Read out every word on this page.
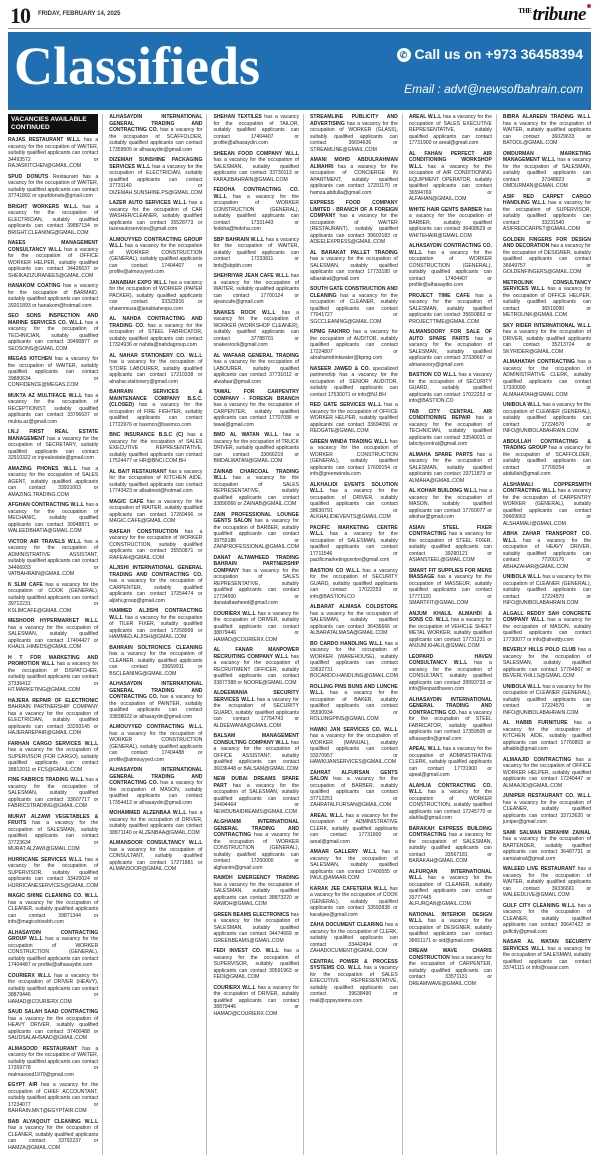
10 FRIDAY, FEBRUARY 14, 2025	$^{THE}$tribune
Classifieds	✆ Call us on +973 36458394
Email : advt@newsofbahrain.com
VACANCIES AVAILABLE CONTINUED
RAJAS RESTAURANT W.L.L has a vacancy for the occupation of WAITER, suitably qualified applicants can contact 34493572 or RAJASKITCHEN@GMAIL.COM
SPUD DONUTS Restaurant has a vacancy for the occupation of WAITER, suitably qualified applicants can contact 37741892 or spuddonuts@gmail.com
BRIGHT WORKERS W.L.L has a vacancy for the occupation of ELECTRICIAN, suitably qualified applicants can contact 39887134 or BRIGHT.CLEANING@GMAIL.COM
NAEES MANAGEMENT CONSULTANCY W.L.L has a vacancy for the occupation of OFFICE WORKER HELPER, suitably qualified applicants can contact 34426637 or SHEIKAZIZURANEES@GMAIL.COM
HANAKOM COATING has a vacancy for the occupation of BARMAID, suitably qualified applicants can contact 39201893 or hanakom@hotmail.com
SEO SONS INSPECTION AND MARINE SERVICES CO. W.L.L has a vacancy for the occupation of TECHNICIAN, suitably qualified applicants can contact 39490877 or SEOSONS@GMAIL.COM
MEGAS KITCHEN has a vacancy for the occupation of WAITER, suitably qualified applicants can contact 39880634 or CONFIDENCE@MEGAS.COM
MUKTA AZ MULTIFACE W.L.L has a vacancy for the occupation of RECEPTIONIST, suitably qualified applicants can contact 33796637 or mukta.az@gmail.com
I.N.J FIRST REAL ESTATE MANAGEMENT has a vacancy for the occupation of SECRETARY, suitably qualified applicants can contact 32910322 or injrealestate@gmail.com
AMAZING PHONES W.L.L has a vacancy for the occupation of SALES AGENT, suitably qualified applicants can contact 33921003 or AMAZING.TRADING.COM
AFGHAN CONTRACTING W.L.L has a vacancy for the occupation of MECHANIC, suitably qualified applicants can contact 39948871 or WALEEDBHATIA@GMAIL.COM
VICTOR AIR TRAVELS W.L.L has a vacancy for the occupation of ADMINISTRATIVE ASSISTANT, suitably qualified applicants can contact 34466933 or VATBAHRAIN@GMAIL.COM
K SLIM CAFE has a vacancy for the occupation of COOK (GENERAL), suitably qualified applicants can contact 39712231 or KSLIMCAFE@GMAIL.COM
MESHOOR HYPERMARKET W.L.L has a vacancy for the occupation of SALESMAN, suitably qualified applicants can contact 17404427 or KHALIL.HIMEDS@GMAIL.COM
H T FOR MARKETING AND PROMOTION W.L.L has a vacancy for the occupation of DISPATCHER, suitably qualified applicants can contact 37336412 or HT.MARKETING@GMAIL.COM
HAJERA REPAIR OF ELECTRONIC BAHRAIN PARTNERSHIP COMPANY has a vacancy for the occupation of ELECTRICIAN, suitably qualified applicants can contact 33293145 or HAJERAREPAIR@GMAIL.COM
FARHAN CARGO SERVICES W.L.L has a vacancy for the occupation of SUPERVISOR (FOR CARGO), suitably qualified applicants can contact 38812011 or FCS@GMAIL.COM
FINE FABRICS TRADING W.L.L has a vacancy for the occupation of SALESMAN, suitably qualified applicants can contact 33607717 or FABRICSTRADING@GMAIL.COM
MURAT ALZAWI VEGETABLES & FRUITS has a vacancy for the occupation of SALESMAN, suitably qualified applicants can contact 37723634 or MURAT.ALZAWI@GMAIL.COM
HURRICANE SERVICES W.L.L has a vacancy for the occupation of SUPERVISOR, suitably qualified applicants can contact 33420024 or HURRICANESERVICES@GMAIL.COM
MAGIC SHINE CLEANING CO. W.L.L has a vacancy for the occupation of CLEANER, suitably qualified applicants can contact 39871344 or info@magicshinebh.com
ALHASAYDIN CONTRACTING GROUP W.L.L has a vacancy for the occupation of WORKER CONSTRUCTION (GENERAL), suitably qualified applicants can contact 17404487 or profile@alhasaydin.com
COURIERX W.L.L has a vacancy for the occupation of DRIVER (HEAVY), suitably qualified applicants can contact 38879446 or HAMAD@COURIERX.COM
SAUD SALAH SAAD CONTRACTING has a vacancy for the occupation of HEAVY DRIVER, suitably qualified applicants can contact 37400488 or SAUDSALAHSAAD@GMAIL.COM
ALMASOOD RESTAURANT has a vacancy for the occupation of WAITER, suitably qualified applicants can contact 17269778 or malmasood1979@gmail.com
EGYPT AIR has a vacancy for the occupation of CHIEF ACCOUNTANT, suitably qualified applicants can contact 17234077 or BAHRAIN.MKT@EGYPTAIR.COM
BAB ALYAQOUT CLEANING W.L.L has a vacancy for the occupation of CLEANER, suitably qualified applicants can contact 33792237 or HAMZA@GMAIL.COM
ALHASAYDIN INTERNATIONAL GENERAL TRADING AND CONTRACTING CO. has a vacancy for the occupation of SCAFFOLDER, suitably qualified applicants can contact 17359505 or alhasaydin@gmail.com
DIZEMAH SUNSHINE PACKAGING SERVICES W.L.L has a vacancy for the occupation of ELECTRICIAN, suitably qualified applicants can contact 37731140 or DIZEMAH.SUNSHINE.PS@GMAIL.COM
LAZER AUTO SERVICES W.L.L has a vacancy for the occupation of CAR WASHER/CLEANER, suitably qualified applicants can contact 35528773 or lazerautoservices@gmail.com
ALMOUYYED CONTRACTING GROUP W.L.L has a vacancy for the occupation of WORKER CONSTRUCTION (GENERAL), suitably qualified applicants can contact 17404407 or profile@almouyyed.com
JANABIAH EXPO W.L.L has a vacancy for the occupation of WORKER (PAPER PACKER), suitably qualified applicants can contact 33323916 or shawnmusa@janabiahexpo.com
AL NAHDA CONTRACTING AND TRADING CO. has a vacancy for the occupation of STEEL FABRICATOR, suitably qualified applicants can contact 17324936 or nahda@nahdagroup.com
AL NAHAR STATIONERY CO. W.L.L has a vacancy for the occupation of STORE LABOURER, suitably qualified applicants can contact 17210338 or alnahar.stationery@gmail.com
BAHRAIN SERVICES & MAINTENANCE COMPANY B.S.C. (CLOSED) has a vacancy for the occupation of FIRE FIGHTER, suitably qualified applicants can contact 17722976 or basmco@basmco.com
BNC INSURANCE B.S.C (C) has a vacancy for the occupation of SALES EXECUTIVE REPRESENTATIVE, suitably qualified applicants can contact 17524477 or HR@BNCI.COM.BH
AL BAIT RESTAURANT has a vacancy for the occupation of KITCHEN AIDE, suitably qualified applicants can contact 17743423 or albaitrest@hotmail.com
MAGIC CAFE has a vacancy for the occupation of WAITER, suitably qualified applicants can contact 17260496 or MAGIC.CAFE@GMAIL.COM
RAFEAH CONSTRUCTION has a vacancy for the occupation of WORKER CONSTRUCTION, suitably qualified applicants can contact 35550871 or RAFEAH@GMAIL.COM
ALJISHI INTERNATIONAL GENERAL TRADING AND CONTRACTING CO. has a vacancy for the occupation of CARPENTER, suitably qualified applicants can contact 17254474 or aljishi.group@gmail.com
HAMMED ALJISHI CONTRACTING W.L.L has a vacancy for the occupation of TILER FIXER, suitably qualified applicants can contact 17258999 or HAMMED.ALJISHI@GMAIL.COM
BAHRAIN SOLTRONICS CLEANING has a vacancy for the occupation of CLEANER, suitably qualified applicants can contact 33659911 or BSCLEANING@GMAIL.COM
ALHASAYDIN INTERNATIONAL GENERAL TRADING AND CONTRACTING CO. has a vacancy for the occupation of PAINTER, suitably qualified applicants can contact 33838022 or alhasaydin@gmail.com
ALMOUYYED CONTRACTING W.L.L has a vacancy for the occupation of WORKER CONSTRUCTION (GENERAL), suitably qualified applicants can contact 17404488 or profile@almouyyed.com
ALHASAYDIN INTERNATIONAL GENERAL TRADING AND CONTRACTING CO. has a vacancy for the occupation of MASON, suitably qualified applicants can contact 17354412 or alhasaydin@gmail.com
MOHAMMED ALZENBAA W.L.L has a vacancy for the occupation of DRIVER, suitably qualified applicants can contact 38871140 or ALZENBAA@GMAIL.COM
ALMANSOOR CONSULTANCY W.L.L has a vacancy for the occupation of CONSULTANT, suitably qualified applicants can contact 17271881 or ALMANSOOR@GMAIL.COM
SHEHAN TEXTILES has a vacancy for the occupation of TAILOR, suitably qualified applicants can contact 17404407 or profile@alhasaydin.com
SHEEAN FOOD COMPANY W.L.L has a vacancy for the occupation of SALESMAN, suitably qualified applicants can contact 33730113 or FARAJIBAHRAIN@GMAIL.COM
FEDOHA CONTRACTING CO. W.L.L has a vacancy for the occupation of WORKER CONSTRUCTION (GENERAL), suitably qualified applicants can contact 17331443 or fedoha@fedoha.com
SBP BAHRAIN W.L.L has a vacancy for the occupation of WAITER, suitably qualified applicants can contact 17233811 or bnb@sbpbh.com
SHEHRIYAR JEAN CAFE W.L.L has a vacancy for the occupation of WAITER, suitably qualified applicants can contact 17700124 or sjeancafe@gmail.com
SNAKES ROCK W.L.L has a vacancy for the occupation of WORKER (WORKSHOP CLEANER), suitably qualified applicants can contact 37788701 or snakesrock@gmail.com
AL WAFAAR GENERAL TRADING has a vacancy for the occupation of LABOURER, suitably qualified applicants can contact 37731012 or alwafaar@gmail.com
TAWAL FOR CARPENTRY COMPANY - FOREIGN BRANCH has a vacancy for the occupation of CARPENTER, suitably qualified applicants can contact 17707086 or tawal@gmail.com
BMD AL WATAN W.L.L has a vacancy for the occupation of TRUCK DRIVER, suitably qualified applicants can contact 33066219 or BMDALWATAN@GMAIL.COM
ZAINAB CHARCOAL TRADING W.L.L has a vacancy for the occupation of SALES REPRESENTATIVE, suitably qualified applicants can contact 33890066 or ZAINAB@GMAIL.COM
ZAIN PROFESSIONAL LOUNGE GENTS SALON has a vacancy for the occupation of BARBER, suitably qualified applicants can contact 39755186 or ZAINPROFESSIONAL@GMAIL.COM
DANAT ALTAWHEED TRADING BAHRAIN PARTNERSHIP COMPANY has a vacancy for the occupation of SALES REPRESENTATIVE, suitably qualified applicants can contact 17734500 or danataltawheed@gmail.com
COURIERX W.L.L has a vacancy for the occupation of DRIVER, suitably qualified applicants can contact 38879446 or HAMAD@COURIERX.COM
AL FANAR MANPOWER RECRUITING COMPANY W.L.L has a vacancy for the occupation of RECRUITMENT OFFICER, suitably qualified applicants can contact 33877388 or NOORE@GMAIL.COM
ALDEEWANIA SECURITY SERVICES W.L.L has a vacancy for the occupation of SECURITY GUARD, suitably qualified applicants can contact 17754743 or ALDEEWANIA@GMAIL.COM
BALSAM MANAGEMENT CONSULTING COMPANY W.L.L has a vacancy for the occupation of OFFICE ASSISTANT, suitably qualified applicants can contact 36036448 or BALSAM@GMAIL.COM
NEW DUBAI DREAMS SPARE PART has a vacancy for the occupation of SALESMAN, suitably qualified applicants can contact 34494464 or NEWDUBAIDREAMS@GMAIL.COM
ALGHANIM INTERNATIONAL GENERAL TRADING AND CONTRACTING has a vacancy for the occupation of WORKER CONSTRUCTION (GENERAL), suitably qualified applicants can contact 17250000 or alghanim@gmail.com
RAWDH EMERGENCY TRADING has a vacancy for the occupation of SALESMAN, suitably qualified applicants can contact 38873220 or RAWDH@GMAIL.COM
GREEN BEAMS ELECTRONICS has a vacancy for the occupation of SALESMAN, suitably qualified applicants can contact 34474669 or GREENBEAMS@GMAIL.COM
FEDI INVEST CO. W.L.L has a vacancy for the occupation of SUPERVISOR, suitably qualified applicants can contact 39591963 or FEDI@GMAIL.COM
COURIERX W.L.L has a vacancy for the occupation of DRIVER, suitably qualified applicants can contact 38879446 or HAMAD@COURIERX.COM
STREAMLINE PUBLICITY AND ADVERTISING has a vacancy for the occupation of WORKER (GLASS), suitably qualified applicants can contact 36694636 or STREAMLINE@GMAIL.COM
AMANI MOHD ABDULRAHMAN ALMAHRI has a vacancy for the occupation of CONCIERGE IN APARTMENT, suitably qualified applicants can contact 17291170 or hamza.abdulla@gmail.com
EXPRESS FOOD COMPANY LIMITED - BRANCH OF A FOREIGN COMPANY has a vacancy for the occupation of WAITER (RESTAURANT), suitably qualified applicants can contact 39603183 or ADEELEXPRESS@GMAIL.COM
AL BARAKAT PALLET TRADING has a vacancy for the occupation of SALESMAN, suitably qualified applicants can contact 17733180 or albarakat@gmail.com
SOUTH GATE CONSTRUCTION AND CLEANING has a vacancy for the occupation of CLEANER, suitably qualified applicants can contact 77041727 or SGCCLEANING@GMAIL.COM
KPMG FAKHRO has a vacancy for the occupation of AUDITOR, suitably qualified applicants can contact 17224807 or abrahamdrinkwater@kpmg.com
NASEER JAWED & CO. specialized partnership has a vacancy for the occupation of SENIOR AUDITOR, suitably qualified applicants can contact 17530071 or info@NJ.BH
RED GATE SERVICES W.L.L has a vacancy for the occupation of OFFICE WORKER HELPER, suitably qualified applicants can contact 33694056 or REDGATE@GMAIL.COM
GREEN WINDA TRADING W.L.L has a vacancy for the occupation of WORKER CONSTRUCTION (GENERAL), suitably qualified applicants can contact 17600154 or info@greenwinda.com
ALKHALIDI EVENTS SOLUTION W.L.L has a vacancy for the occupation of DRIVER, suitably qualified applicants can contact 38630791 or ALKHALIDIEVENTS@GMAIL.COM
PACIFIC MARKETING CENTRE W.L.L has a vacancy for the occupation of SALESMAN, suitably qualified applicants can contact 17711546 or pacificmarketingcentre@gmail.com
BASTION CO W.L.L has a vacancy for the occupation of SECURITY GUARD, suitably qualified applicants can contact 17022253 or info@BASTION.CO
ALBARAT ALMASA COLDSTORE has a vacancy for the occupation of SALESMAN, suitably qualified applicants can contact 36436666 or ALBARATALMASA@GMAIL.COM
BO CARDO HANDLING W.L.L has a vacancy for the occupation of WORKER (WAREHOUSE), suitably qualified applicants can contact 33632731 or BOCARDO.HANDLING@GMAIL.COM
ROLLING PINS BUNS AND LUNCHE W.L.L has a vacancy for the occupation of BAKER, suitably qualified applicants can contact 35590934 or ROLLINGPINS@GMAIL.COM
HAWKI JAN SERVICES CO. W.L.L has a vacancy for the occupation of WORKER (MANUAL), suitably qualified applicants can contact 33370957 or HAWKIJANSERVICES@GMAIL.COM
ZAHRAT ALFURSAN GENTS SALON has a vacancy for the occupation of BARBER, suitably qualified applicants can contact 37712251 or ZAHRATALFURSAN@GMAIL.COM
AREAL W.L.L has a vacancy for the occupation of ADMINISTRATIVE CLERK, suitably qualified applicants can contact 17731900 or areal@gmail.com
AMAAR GALLERY W.L.L has a vacancy for the occupation of SALESMAN, suitably qualified applicants can contact 17400555 or PAUL@AMAAR.COM
KARAK JEE CAFETERIA W.L.L has a vacancy for the occupation of COOK (GENERAL), suitably qualified applicants can contact 33592838 or karakjee@gmail.com
ZAHA DOCUMENT CLEARING has a vacancy for the occupation of CLERK, suitably qualified applicants can contact 33442494 or ZAHADOCUMENT@GMAIL.COM
CENTRAL POWER & PROCESS SYSTEMS CO. W.L.L has a vacancy for the occupation of SALES EXECUTIVE REPRESENTATIVE, suitably qualified applicants can contact 39638490 or mail@cppsystems.com
AREAL W.L.L has a vacancy for the occupation of SALES EXECUTIVE REPRESENTATIVE, suitably qualified applicants can contact 17731900 or areal@gmail.com
AL FAHAN PERFECT AIR CONDITIONING WORKSHOP W.L.L has a vacancy for the occupation of AIR CONDITIONING EQUIPMENT OPERATOR, suitably qualified applicants can contact 36594769 or ALFAHAN@GMAIL.COM
WHITE HAIR GENTS BARBER has a vacancy for the occupation of BARBER, suitably qualified applicants can contact 36408629 or WHITEHAIR@GMAIL.COM
ALHASAYDIN CONTRACTING CO. W.L.L has a vacancy for the occupation of WORKER CONSTRUCTION (GENERAL), suitably qualified applicants can contact 17404407 or profile@alhasaydin.com
PROJECT TIME CAFE has a vacancy for the occupation of SALESMAN, suitably qualified applicants can contact 35650862 or PROJECTTIME@GMAIL.COM
ALMANSOORY FOR SALE OF AUTO SPARE PARTS has a vacancy for the occupation of SALESMAN, suitably qualified applicants can contact 37338667 or almansoory@gmail.com
BASTION CO W.L.L has a vacancy for the occupation of SECURITY GUARD, suitably qualified applicants can contact 17022253 or info@BASTION.CO
TAB CITY CENTRAL AIR CONDITIONING REPAIR has a vacancy for the occupation of TECHNICIAN, suitably qualified applicants can contact 33540031 or tabcitycentral@gmail.com
ALMAHA SPARE PARTS has a vacancy for the occupation of SALESMAN, suitably qualified applicants can contact 33711873 or ALMAHA@GMAIL.COM
AL KOHAR BUILDING W.L.L has a vacancy for the occupation of MASON, suitably qualified applicants can contact 17760077 or alkohar@gmail.com
ASIAN STEEL FIXER CONTRACTING has a vacancy for the occupation of STEEL FIXER, suitably qualified applicants can contact 39290121 or ASIANSTEEL@GMAIL.COM
SMART FIT SUPPLIES FOR MENS MASSAGE has a vacancy for the occupation of MASSEUR, suitably qualified applicants can contact 17771120 or SMARTFIT@GMAIL.COM
ANJUM KHALIL ALMAHDI & SONS CO. W.L.L has a vacancy for the occupation of VEHICLE SHEET METAL WORKER, suitably qualified applicants can contact 17731231 or ANJUM.KHALIL@GMAIL.COM
LEOPARD HAVEN CONSULTANCY W.L.L has a vacancy for the occupation of CONSULTANT, suitably qualified applicants can contact 39993733 or info@leopardhaven.com
ALHASAYDIN INTERNATIONAL GENERAL TRADING AND CONTRACTING CO. has a vacancy for the occupation of STEEL FABRICATOR, suitably qualified applicants can contact 17359505 or alhasaydin@gmail.com
APEAL W.L.L has a vacancy for the occupation of ADMINISTRATIVE CLERK, suitably qualified applicants can contact 17731900 or apeal@gmail.com
ALAHLIA CONTRACTING CO. W.L.L has a vacancy for the occupation of WORKER CONSTRUCTION, suitably qualified applicants can contact 17245770 or alahlia@gmail.com
BARAKAH EXPRESS BUILDING CONTRACTING has a vacancy for the occupation of SALESMAN, suitably qualified applicants can contact 33567181 or BARAKAH@GMAIL.COM
ALFURQAN INTERNATIONAL W.L.L has a vacancy for the occupation of CLEANER, suitably qualified applicants can contact 33777445 or ALFURQAN@GMAIL.COM
NATIONAL INTERIOR DESIGN W.L.L has a vacancy for the occupation of DESIGNER, suitably qualified applicants can contact 36651171 or nid@gmail.com
DREAM WAVE CHARIS CONSTRUCTION has a vacancy for the occupation of CARPENTER, suitably qualified applicants can contact 33571131 or DREAMWAVE@GMAIL.COM
BIBRA ALAREEN TRADING W.L.L has a vacancy for the occupation of WAITER, suitably qualified applicants can contact 36029633 or BATOOL@GMAIL.COM
OMDURMAN MARKETING MANAGEMENT W.L.L has a vacancy for the occupation of SALESMAN, suitably qualified applicants can contact 37348823 or OMDURMAN@GMAIL.COM
ASIF RED CARPET CARGO HANDLING W.L.L has a vacancy for the occupation of SUPERVISOR, suitably qualified applicants can contact 33231540 or ASIFREDCARPET@GMAIL.COM
GOLDEN FINGERS FOR DESIGN AND DECORATION has a vacancy for the occupation of DESIGNER, suitably qualified applicants can contact 36649757 or GOLDENFINGERS@GMAIL.COM
METROLINK CONSULTANCY SERVICES W.L.L has a vacancy for the occupation of OFFICE HELPER, suitably qualified applicants can contact 36519090 or METROLINK@GMAIL.COM
SKY RIDER INTERNATIONAL W.L.L has a vacancy for the occupation of DRIVER, suitably qualified applicants can contact 35213724 or SKYRIDER@GMAIL.COM
ALMAHATAH CONTRACTING has a vacancy for the occupation of ADMINISTRATIVE CLERK, suitably qualified applicants can contact 17330090 or ALMAHATAH@GMAIL.COM
UNIBOLA W.L.L has a vacancy for the occupation of CLEANER (GENERAL), suitably qualified applicants can contact 17224570 or INFO@UNIBOLABAHRAIN.COM
ABDULLAH CONTRACTING & TRADING GROUP has a vacancy for the occupation of SCAFFOLDER, suitably qualified applicants can contact 17709254 or abdullah@gmail.com
ALSHAMALI COPPERSMITH CONTRACTING W.L.L has a vacancy for the occupation of CARPENTRY WORKER (GENERAL), suitably qualified applicants can contact 39669663 or ALSHAMALI@GMAIL.COM
ABHA ZAHAR TRANSPORT CO. W.L.L has a vacancy for the occupation of HEAVY DRIVER, suitably qualified applicants can contact 77200170 or ABHAZAHAR@GMAIL.COM
UNIBOLA W.L.L has a vacancy for the occupation of CLEANER (GENERAL), suitably qualified applicants can contact 17224570 or INFO@UNIBOLABAHRAIN.COM
ALGALL REDDY SAH CONCRETE COMPANY W.L.L has a vacancy for the occupation of MASON, suitably qualified applicants can contact 17730077 or info@alreddy.com
BEVERLY HILLS POLO CLUB has a vacancy for the occupation of SALESMAN, suitably qualified applicants can contact 17764807 or BEVERLYHILLS@GMAIL.COM
UNIBOLA W.L.L has a vacancy for the occupation of CLEANER (GENERAL), suitably qualified applicants can contact 17224570 or INFO@UNIBOLABAHRAIN.COM
AL HABIB FURNITURE has a vacancy for the occupation of KITCHEN AIDE, suitably qualified applicants can contact 17760803 or alhabib@gmail.com
ALMAAJID CONTRACTING has a vacancy for the occupation of OFFICE WORKER HELPER, suitably qualified applicants can contact 17240447 or ALMAAJID@GMAIL.COM
JUNIPER RESTAURANT CO. W.L.L has a vacancy for the occupation of CLEANER, suitably qualified applicants can contact 33713620 or juniper@gmail.com
SAMI SALMAN EBRAHIM ZAINAL has a vacancy for the occupation of BARTENDER, suitably qualified applicants can contact 36487731 or samizainal@gmail.com
WALEED LIVE RESTAURANT has a vacancy for the occupation of WAITER, suitably qualified applicants can contact 39336661 or WALEEDLIVE@GMAIL.COM
GULF CITY CLEANING W.L.L has a vacancy for the occupation of CLEANER, suitably qualified applicants can contact 39647422 or gulfcity@gmail.com
NASAR AL WATAN SECURITY SERVICES W.L.L has a vacancy for the occupation of SALESMAN, suitably qualified applicants can contact 33741111 or info@nasar.com
